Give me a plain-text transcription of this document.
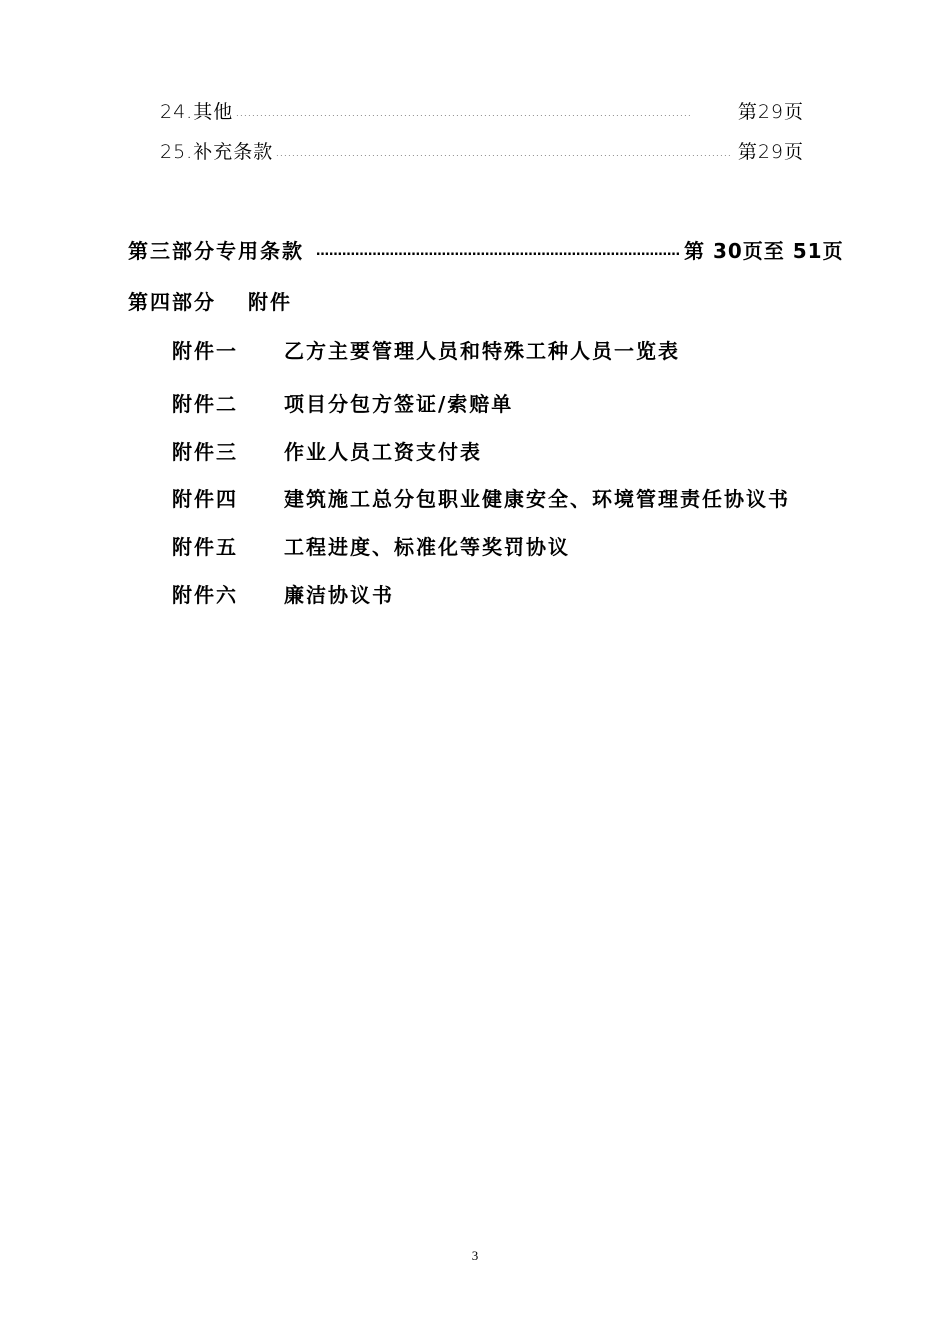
24.其他 ……………………………………………………………………………………………………	第29页
25.补充条款 …………………………………………………………………………………………………… 第29页
第三部分 专用条款 ………………………………………………………………………… 第 30页至 51页
第四部分	附件
附件一	乙方主要管理人员和特殊工种人员一览表
附件二	项目分包方签证/索赔单
附件三	作业人员工资支付表
附件四	建筑施工总分包职业健康安全、环境管理责任协议书
附件五	工程进度、标准化等奖罚协议
附件六	廉洁协议书
3
